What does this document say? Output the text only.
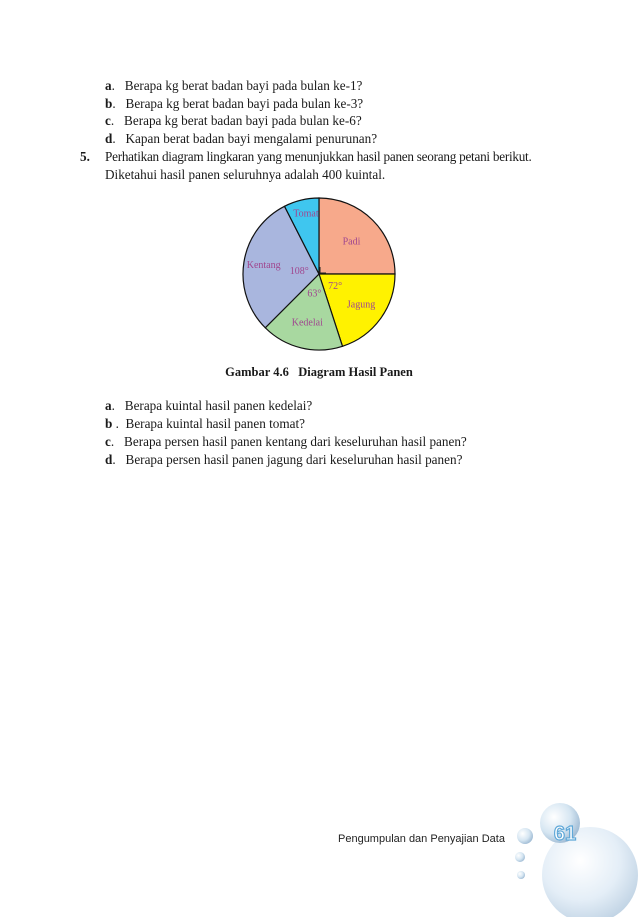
a.   Berapa kg berat badan bayi pada bulan ke-1?
b.   Berapa kg berat badan bayi pada bulan ke-3?
c.   Berapa kg berat badan bayi pada bulan ke-6?
d.   Kapan berat badan bayi mengalami penurunan?
5. Perhatikan diagram lingkaran yang menunjukkan hasil panen seorang petani berikut.
Diketahui hasil panen seluruhnya adalah 400 kuintal.
Padi
Jagung
Kedelai
Kentang
Tomat
72°
63°
108°
Gambar 4.6 Diagram Hasil Panen
a. Berapa kuintal hasil panen kedelai?
b . Berapa kuintal hasil panen tomat?
c. Berapa persen hasil panen kentang dari keseluruhan hasil panen?
d. Berapa persen hasil panen jagung dari keseluruhan hasil panen?
Pengumpulan dan Penyajian Data 61
